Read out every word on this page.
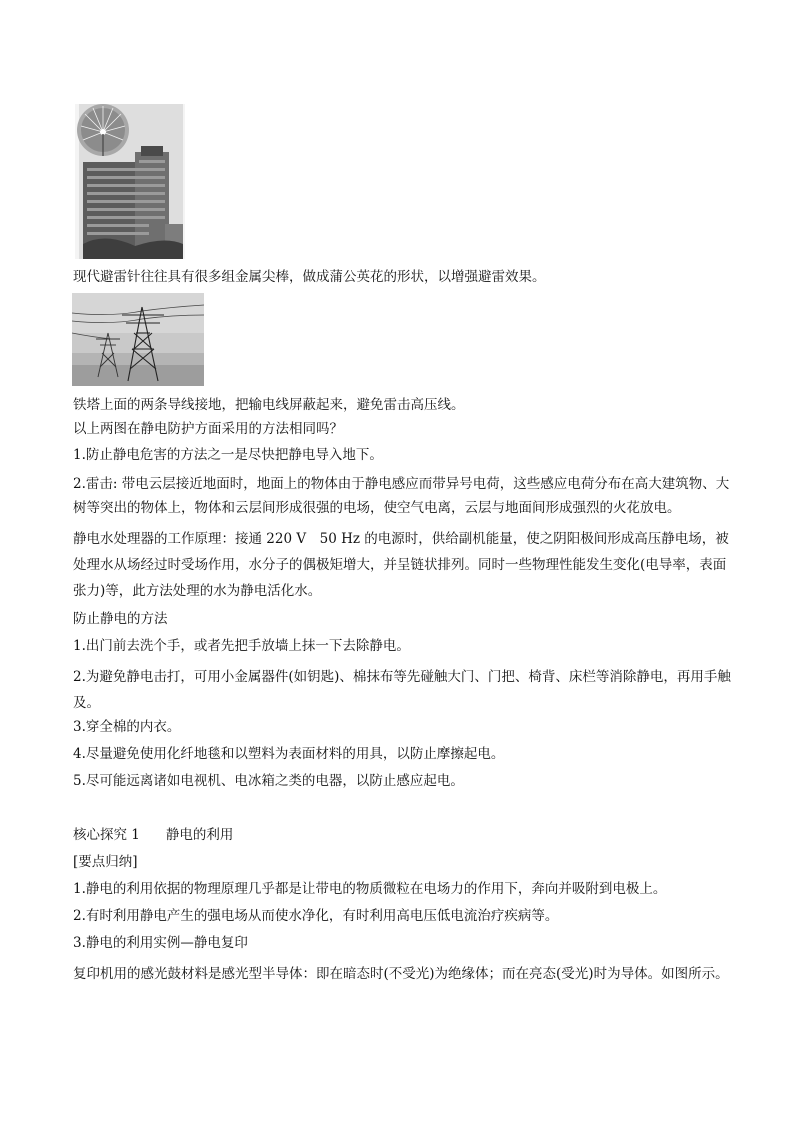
现代避雷针往往具有很多组金属尖棒，做成蒲公英花的形状，以增强避雷效果。
铁塔上面的两条导线接地，把输电线屏蔽起来，避免雷击高压线。
以上两图在静电防护方面采用的方法相同吗？
1.防止静电危害的方法之一是尽快把静电导入地下。
2.雷击: 带电云层接近地面时，地面上的物体由于静电感应而带异号电荷，这些感应电荷分布在高大建筑物、大树等突出的物体上，物体和云层间形成很强的电场，使空气电离，云层与地面间形成强烈的火花放电。
静电水处理器的工作原理：接通 220 V　50 Hz 的电源时，供给副机能量，使之阴阳极间形成高压静电场，被处理水从场经过时受场作用，水分子的偶极矩增大，并呈链状排列。同时一些物理性能发生变化(电导率，表面张力)等，此方法处理的水为静电活化水。
防止静电的方法
1.出门前去洗个手，或者先把手放墙上抹一下去除静电。
2.为避免静电击打，可用小金属器件(如钥匙)、棉抹布等先碰触大门、门把、椅背、床栏等消除静电，再用手触及。
3.穿全棉的内衣。
4.尽量避免使用化纤地毯和以塑料为表面材料的用具，以防止摩擦起电。
5.尽可能远离诸如电视机、电冰箱之类的电器，以防止感应起电。
核心探究 1 静电的利用
[要点归纳]
1.静电的利用依据的物理原理几乎都是让带电的物质微粒在电场力的作用下，奔向并吸附到电极上。
2.有时利用静电产生的强电场从而使水净化，有时利用高电压低电流治疗疾病等。
3.静电的利用实例—静电复印
复印机用的感光鼓材料是感光型半导体：即在暗态时(不受光)为绝缘体；而在亮态(受光)时为导体。如图所示。
